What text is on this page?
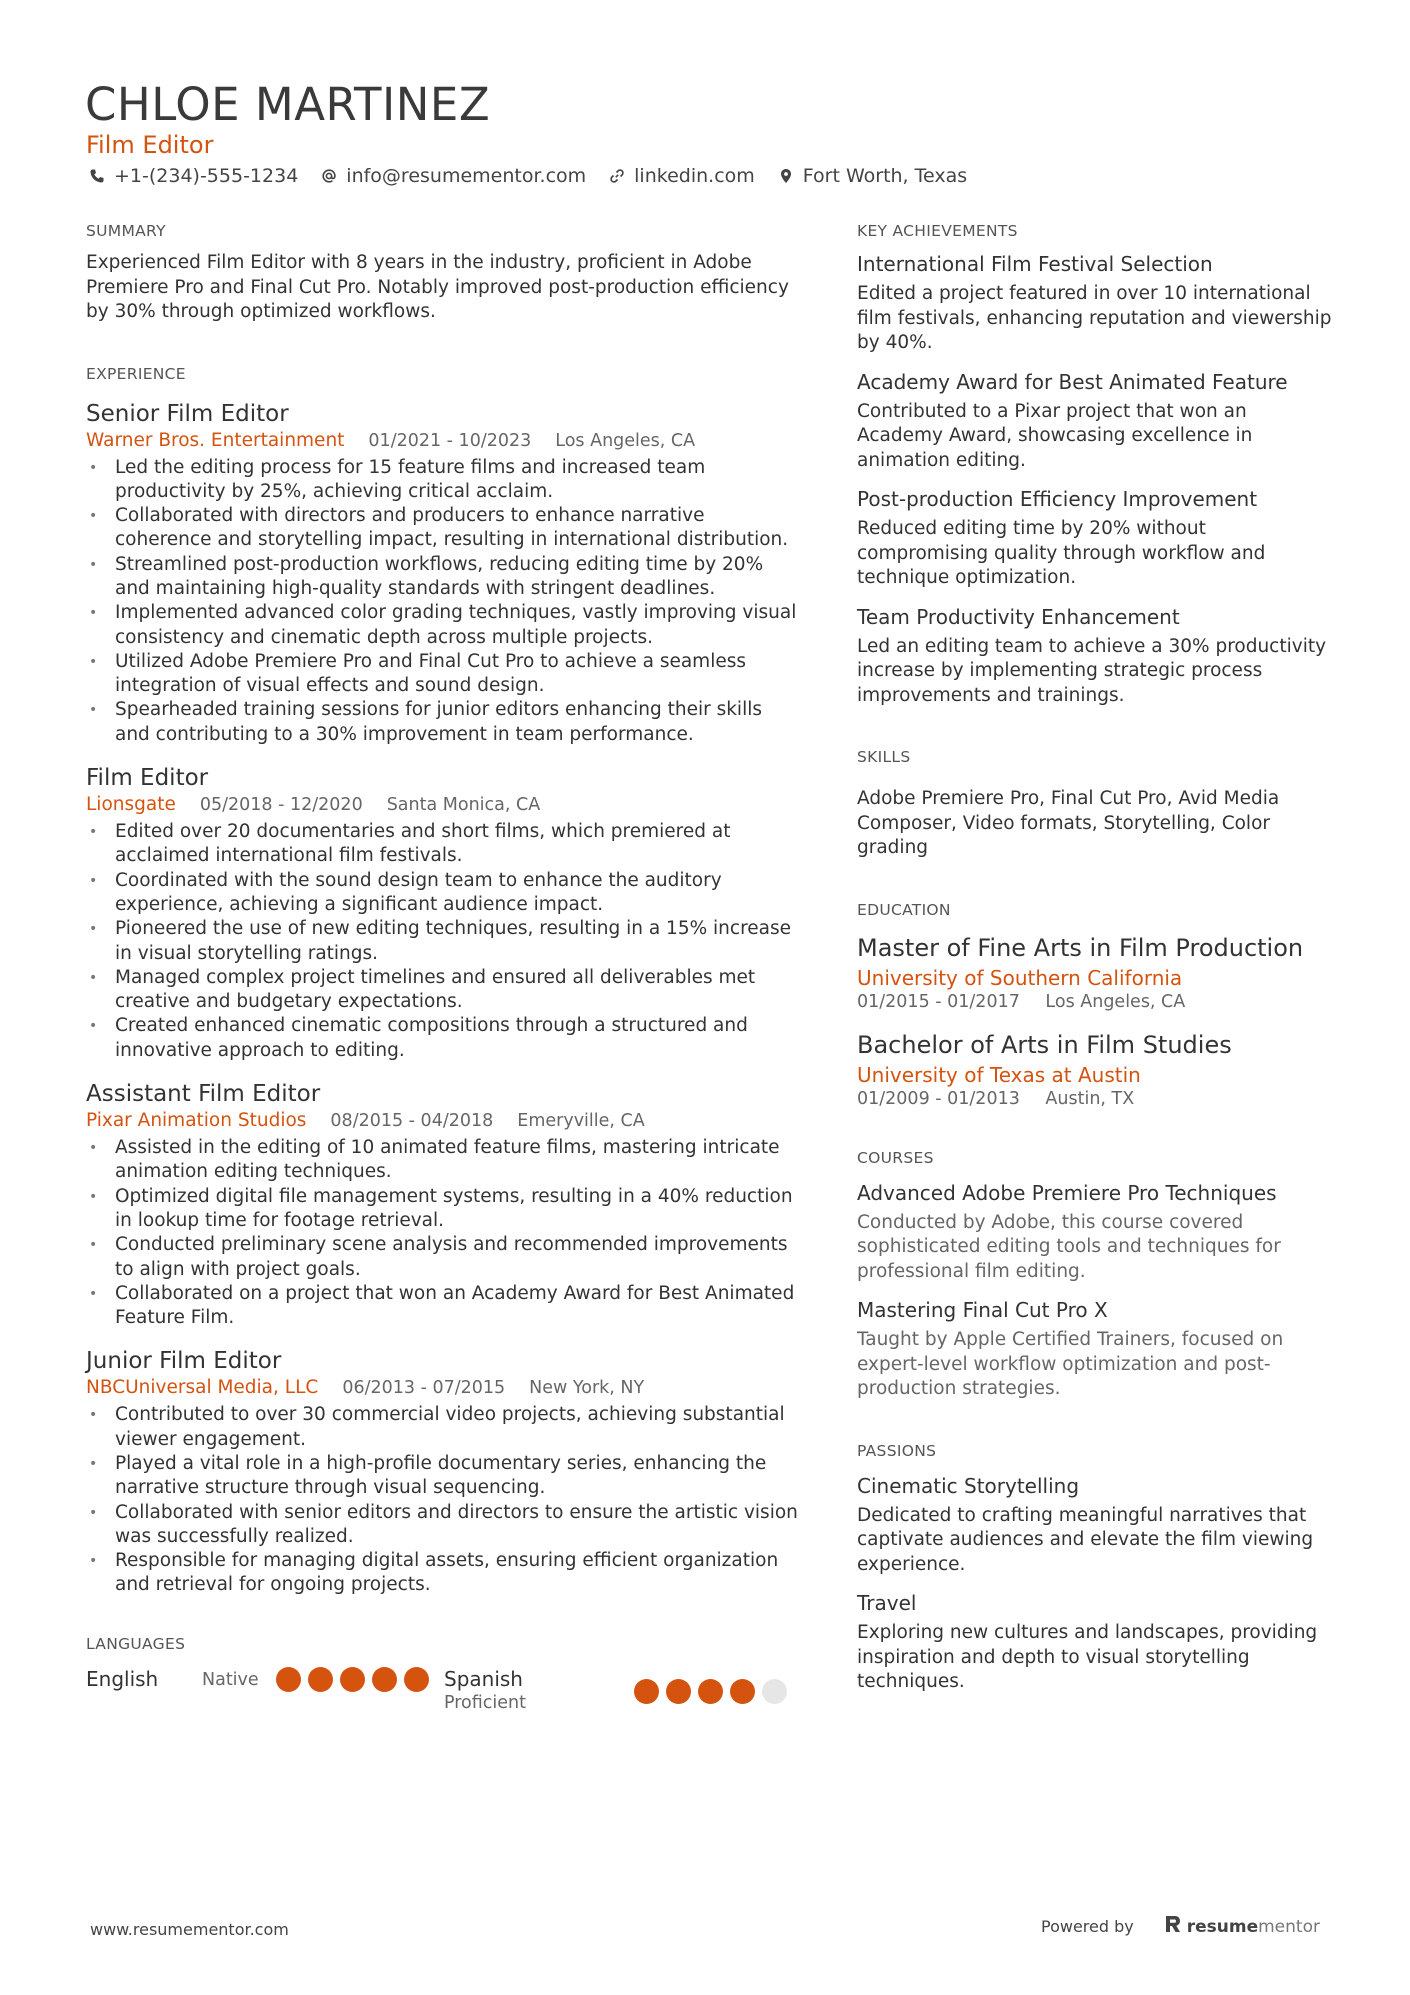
CHLOE MARTINEZ
Film Editor
+1-(234)-555-1234	info@resumementor.com	linkedin.com	Fort Worth, Texas
SUMMARY
Experienced Film Editor with 8 years in the industry, proficient in Adobe Premiere Pro and Final Cut Pro. Notably improved post-production efficiency by 30% through optimized workflows.
EXPERIENCE
Senior Film Editor
Warner Bros. Entertainment 01/2021 - 10/2023 Los Angeles, CA
• Led the editing process for 15 feature films and increased team productivity by 25%, achieving critical acclaim.
• Collaborated with directors and producers to enhance narrative coherence and storytelling impact, resulting in international distribution.
• Streamlined post-production workflows, reducing editing time by 20% and maintaining high-quality standards with stringent deadlines.
• Implemented advanced color grading techniques, vastly improving visual consistency and cinematic depth across multiple projects.
• Utilized Adobe Premiere Pro and Final Cut Pro to achieve a seamless integration of visual effects and sound design.
• Spearheaded training sessions for junior editors enhancing their skills and contributing to a 30% improvement in team performance.
Film Editor
Lionsgate 05/2018 - 12/2020 Santa Monica, CA
• Edited over 20 documentaries and short films, which premiered at acclaimed international film festivals.
• Coordinated with the sound design team to enhance the auditory experience, achieving a significant audience impact.
• Pioneered the use of new editing techniques, resulting in a 15% increase in visual storytelling ratings.
• Managed complex project timelines and ensured all deliverables met creative and budgetary expectations.
• Created enhanced cinematic compositions through a structured and innovative approach to editing.
Assistant Film Editor
Pixar Animation Studios 08/2015 - 04/2018 Emeryville, CA
• Assisted in the editing of 10 animated feature films, mastering intricate animation editing techniques.
• Optimized digital file management systems, resulting in a 40% reduction in lookup time for footage retrieval.
• Conducted preliminary scene analysis and recommended improvements to align with project goals.
• Collaborated on a project that won an Academy Award for Best Animated Feature Film.
Junior Film Editor
NBCUniversal Media, LLC 06/2013 - 07/2015 New York, NY
• Contributed to over 30 commercial video projects, achieving substantial viewer engagement.
• Played a vital role in a high-profile documentary series, enhancing the narrative structure through visual sequencing.
• Collaborated with senior editors and directors to ensure the artistic vision was successfully realized.
• Responsible for managing digital assets, ensuring efficient organization and retrieval for ongoing projects.
LANGUAGES
English	Native	Spanish
Proficient
KEY ACHIEVEMENTS
International Film Festival Selection
Edited a project featured in over 10 international film festivals, enhancing reputation and viewership by 40%.
Academy Award for Best Animated Feature
Contributed to a Pixar project that won an Academy Award, showcasing excellence in animation editing.
Post-production Efficiency Improvement
Reduced editing time by 20% without compromising quality through workflow and technique optimization.
Team Productivity Enhancement
Led an editing team to achieve a 30% productivity increase by implementing strategic process improvements and trainings.
SKILLS
Adobe Premiere Pro, Final Cut Pro, Avid Media Composer, Video formats, Storytelling, Color grading
EDUCATION
Master of Fine Arts in Film Production
University of Southern California
01/2015 - 01/2017 Los Angeles, CA
Bachelor of Arts in Film Studies
University of Texas at Austin
01/2009 - 01/2013 Austin, TX
COURSES
Advanced Adobe Premiere Pro Techniques
Conducted by Adobe, this course covered sophisticated editing tools and techniques for professional film editing.
Mastering Final Cut Pro X
Taught by Apple Certified Trainers, focused on expert-level workflow optimization and post-production strategies.
PASSIONS
Cinematic Storytelling
Dedicated to crafting meaningful narratives that captivate audiences and elevate the film viewing experience.
Travel
Exploring new cultures and landscapes, providing inspiration and depth to visual storytelling techniques.
www.resumementor.com	Powered by	resume mentor
